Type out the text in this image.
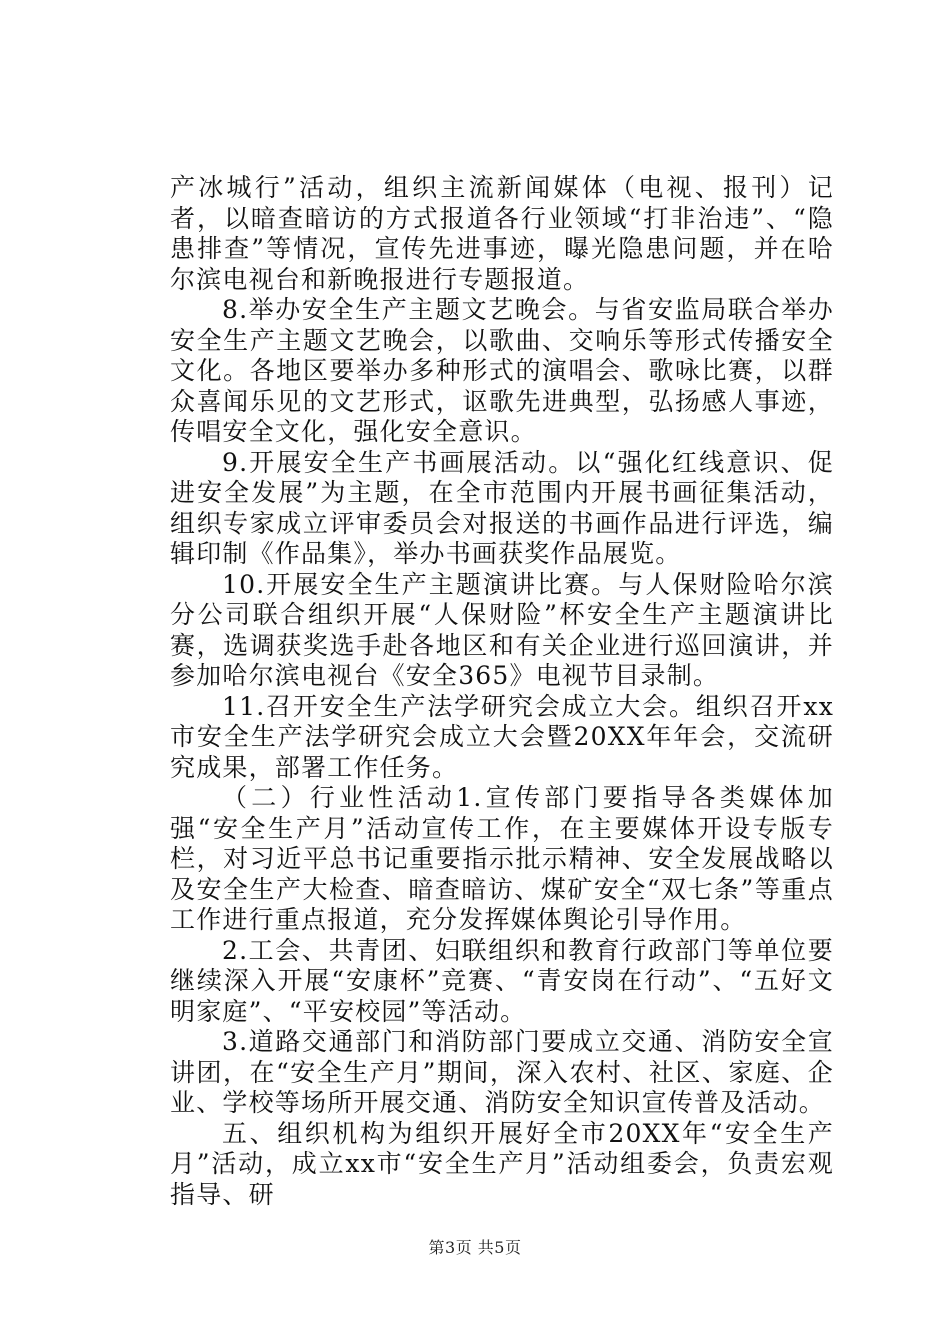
产冰城行”活动，组织主流新闻媒体（电视、报刊）记者，以暗查暗访的方式报道各行业领域“打非治违”、“隐患排查”等情况，宣传先进事迹，曝光隐患问题，并在哈尔滨电视台和新晚报进行专题报道。

8.举办安全生产主题文艺晚会。与省安监局联合举办安全生产主题文艺晚会，以歌曲、交响乐等形式传播安全文化。各地区要举办多种形式的演唱会、歌咏比赛，以群众喜闻乐见的文艺形式，讴歌先进典型，弘扬感人事迹，传唱安全文化，强化安全意识。

9.开展安全生产书画展活动。以“强化红线意识、促进安全发展”为主题，在全市范围内开展书画征集活动，组织专家成立评审委员会对报送的书画作品进行评选，编辑印制《作品集》，举办书画获奖作品展览。

10.开展安全生产主题演讲比赛。与人保财险哈尔滨分公司联合组织开展“人保财险”杯安全生产主题演讲比赛，选调获奖选手赴各地区和有关企业进行巡回演讲，并参加哈尔滨电视台《安全365》电视节目录制。

11.召开安全生产法学研究会成立大会。组织召开xx市安全生产法学研究会成立大会暨20XX年年会，交流研究成果，部署工作任务。

（二）行业性活动1.宣传部门要指导各类媒体加强“安全生产月”活动宣传工作，在主要媒体开设专版专栏，对习近平总书记重要指示批示精神、安全发展战略以及安全生产大检查、暗查暗访、煤矿安全“双七条”等重点工作进行重点报道，充分发挥媒体舆论引导作用。

2.工会、共青团、妇联组织和教育行政部门等单位要继续深入开展“安康杯”竞赛、“青安岗在行动”、“五好文明家庭”、“平安校园”等活动。

3.道路交通部门和消防部门要成立交通、消防安全宣讲团，在“安全生产月”期间，深入农村、社区、家庭、企业、学校等场所开展交通、消防安全知识宣传普及活动。

五、组织机构为组织开展好全市20XX年“安全生产月”活动，成立xx市“安全生产月”活动组委会，负责宏观指导、研

第3页 共5页
